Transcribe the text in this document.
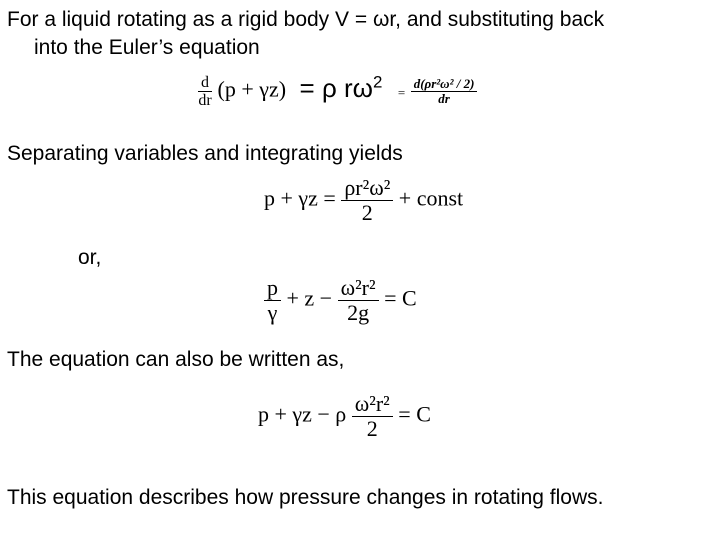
For a liquid rotating as a rigid body V = ωr, and substituting back
into the Euler’s equation
$\frac{d}{dr} (p + \gamma z) = \rho$ $r\omega^2 = \frac{\text{d(ρr²ω² / 2)}}{dr}$
Separating variables and integrating yields
$p + \gamma z = \frac{\text{ρr²ω²}}{2}$ + const
or,
$\frac{p}{\gamma} + z - \frac{\text{ω²r²}}{2g} = C$
The equation can also be written as,
p + γz − ρ $\frac{\text{ω²r²}}{2} = C$
This equation describes how pressure changes in rotating flows.
